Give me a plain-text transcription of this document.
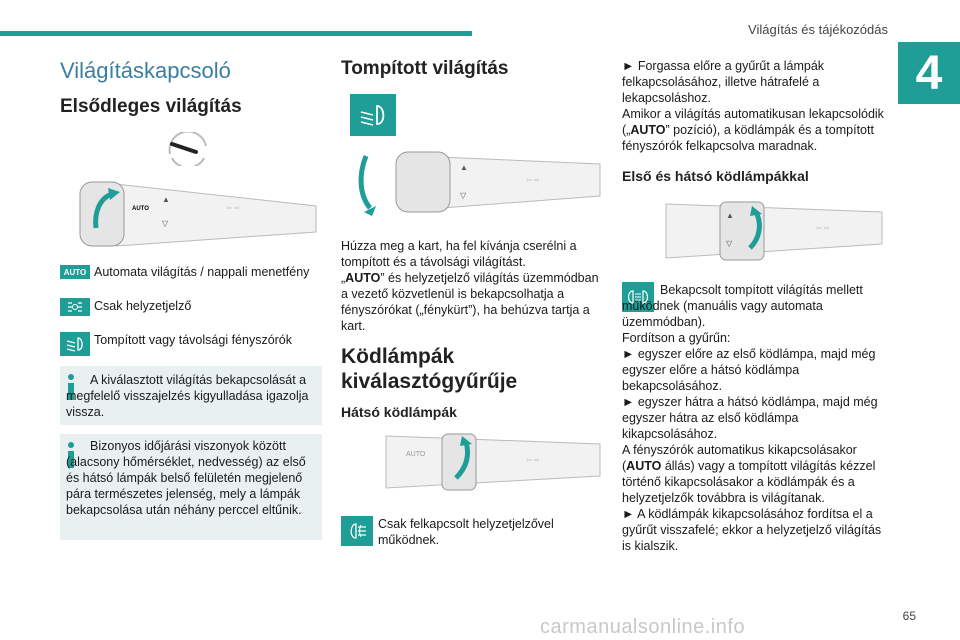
Világítás és tájékozódás
4
Világításkapcsoló
Elsődleges világítás
AUTO
▲
▽
⇦ ⇨
AUTO Automata világítás / nappali menetfény
Csak helyzetjelző
Tompított vagy távolsági fényszórók
A kiválasztott világítás bekapcsolását a megfelelő visszajelzés kigyulladása igazolja vissza.
Bizonyos időjárási viszonyok között (alacsony hőmérséklet, nedvesség) az első és hátsó lámpák belső felületén megjelenő pára természetes jelenség, mely a lámpák bekapcsolása után néhány perccel eltűnik.
Tompított világítás
▲
▽
⇦ ⇨

Húzza meg a kart, ha fel kívánja cserélni a tompított és a távolsági világítást.

„AUTO” és helyzetjelző világítás üzemmódban a vezető közvetlenül is bekapcsolhatja a fényszórókat („fénykürt”), ha behúzva tartja a kart.

Ködlámpák kiválasztógyűrűje
Hátsó ködlámpák
AUTO
⇦ ⇨
Csak felkapcsolt helyzetjelzővel működnek.

► Forgassa előre a gyűrűt a lámpák felkapcsolásához, illetve hátrafelé a lekapcsoláshoz.

Amikor a világítás automatikusan lekapcsolódik („AUTO” pozíció), a ködlámpák és a tompított fényszórók felkapcsolva maradnak.

Első és hátsó ködlámpákkal
▲
▽
⇦ ⇨

Bekapcsolt tompított világítás mellett működnek (manuális vagy automata üzemmódban).

Fordítson a gyűrűn:

► egyszer előre az első ködlámpa, majd még egyszer előre a hátsó ködlámpa bekapcsolásához.

► egyszer hátra a hátsó ködlámpa, majd még egyszer hátra az első ködlámpa kikapcsolásához.

A fényszórók automatikus kikapcsolásakor (AUTO állás) vagy a tompított világítás kézzel történő kikapcsolásakor a ködlámpák és a helyzetjelzők továbbra is világítanak.

► A ködlámpák kikapcsolásához fordítsa el a gyűrűt visszafelé; ekkor a helyzetjelző világítás is kialszik.

65
carmanualsonline.info
